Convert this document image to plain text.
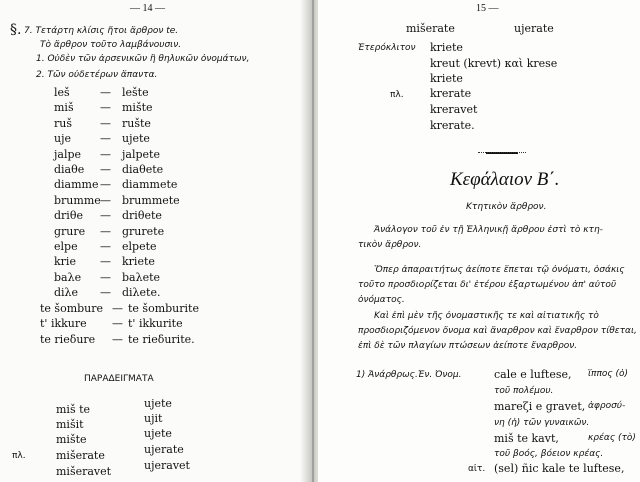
— 14 —
§. 7. Τετάρτη κλίσις ἤτοι ἄρθρον te.
Τὸ ἄρθρον τοῦτο λαμβάνουσιν.
1. Οὐδὲν τῶν ἀρσενικῶν ἢ θηλυκῶν ὀνομάτων,
2. Τῶν οὐδετέρων ἅπαντα.
leš	— lešte
miš — mište
ruš	— rušte
uje	— ujete
jalpe — jalpete
diaθe — diaθete
diamme — diammete
brumme — brummete
driθe — driθete
grure — grurete
elpe — elpete
krie — kriete
baλe — baλete
diλe — diλete.
te šombure — te šomburite
t' ikkure — t' ikkurite
te rieδure — te rieδurite.
ΠΑΡΑΔΕΙΓΜΑΤΑ
miš te	ujete
mišit	ujit
mište	ujete
πλ.	mišerate	ujerate
mišeravet	ujeravet
15 —
mišerate	ujerate
Ἑτερόκλιτον kriete
kreut (krevt) καὶ krese
kriete
πλ. krerate
kreravet
krerate.
Κεφάλαιον Β΄.
Κτητικὸν ἄρθρον.
Ἀνάλογον τοῦ ἐν τῇ Ἑλληνικῇ ἄρθρου ἐστὶ τὸ κτη-
τικὸν ἄρθρον.
Ὅπερ ἀπαραιτήτως ἀείποτε ἕπεται τῷ ὀνόματι, ὁσάκις
τοῦτο προσδιορίζεται δι' ἑτέρου ἐξαρτωμένου ἀπ' αὐτοῦ
ὀνόματος.
Καὶ ἐπὶ μὲν τῆς ὀνομαστικῆς τε καὶ αἰτιατικῆς τὸ
προσδιοριζόμενον ὄνομα καὶ ἄναρθρον καὶ ἔναρθρον τίθεται,
ἐπὶ δὲ τῶν πλαγίων πτώσεων ἀείποτε ἔναρθρον.
1) Ἀνάρθρως. Ἑν. Ὀνομ.	cale e luftese, ἵππος (ὁ)
τοῦ πολέμου.
mareζi e gravet, ἀφροσύ-
νη (ἡ) τῶν γυναικῶν.
miš te kavt,	κρέας (τὸ)
τοῦ βοός, βόειον κρέας.
αἰτ. (sel) ñic kale te luftese,
